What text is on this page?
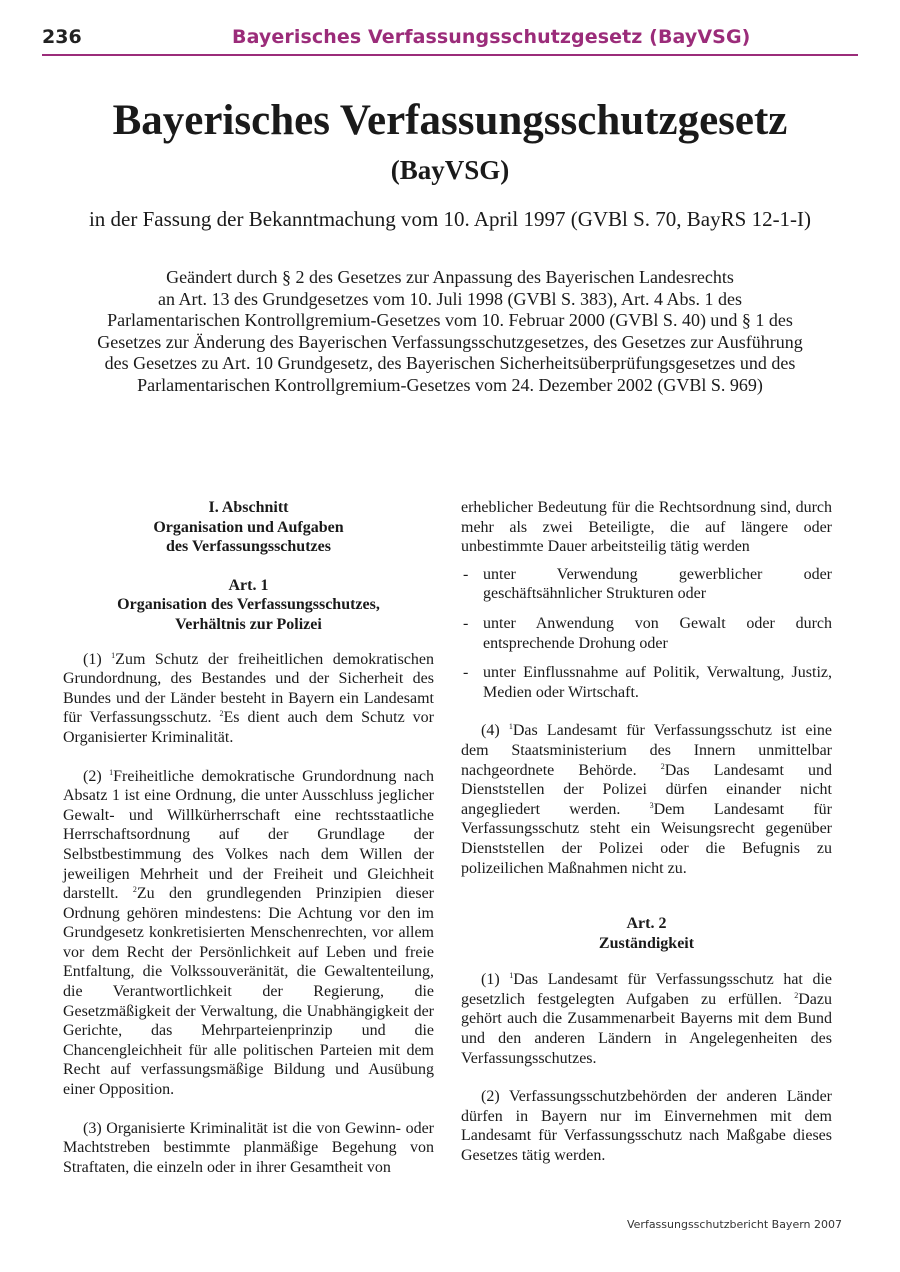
236	Bayerisches Verfassungsschutzgesetz (BayVSG)
Bayerisches Verfassungsschutzgesetz
(BayVSG)
in der Fassung der Bekanntmachung vom 10. April 1997 (GVBl S. 70, BayRS 12-1-I)
Geändert durch § 2 des Gesetzes zur Anpassung des Bayerischen Landesrechts
an Art. 13 des Grundgesetzes vom 10. Juli 1998 (GVBl S. 383), Art. 4 Abs. 1 des
Parlamentarischen Kontrollgremium-Gesetzes vom 10. Februar 2000 (GVBl S. 40) und § 1 des
Gesetzes zur Änderung des Bayerischen Verfassungsschutzgesetzes, des Gesetzes zur Ausführung
des Gesetzes zu Art. 10 Grundgesetz, des Bayerischen Sicherheitsüberprüfungsgesetzes und des
Parlamentarischen Kontrollgremium-Gesetzes vom 24. Dezember 2002 (GVBl S. 969)
I. Abschnitt
Organisation und Aufgaben
des Verfassungsschutzes
Art. 1
Organisation des Verfassungsschutzes,
Verhältnis zur Polizei

(1) $^1$Zum Schutz der freiheitlichen demokratischen Grundordnung, des Bestandes und der Sicherheit des Bundes und der Länder besteht in Bayern ein Landesamt für Verfassungsschutz. $^2$Es dient auch dem Schutz vor Organisierter Kriminalität.

(2) $^1$Freiheitliche demokratische Grundordnung nach Absatz 1 ist eine Ordnung, die unter Ausschluss jeglicher Gewalt- und Willkürherrschaft eine rechtsstaatliche Herrschaftsordnung auf der Grundlage der Selbstbestimmung des Volkes nach dem Willen der jeweiligen Mehrheit und der Freiheit und Gleichheit darstellt. $^2$Zu den grundlegenden Prinzipien dieser Ordnung gehören mindestens: Die Achtung vor den im Grundgesetz konkretisierten Menschenrechten, vor allem vor dem Recht der Persönlichkeit auf Leben und freie Entfaltung, die Volkssouveränität, die Gewaltenteilung, die Verantwortlichkeit der Regierung, die Gesetzmäßigkeit der Verwaltung, die Unabhängigkeit der Gerichte, das Mehrparteienprinzip und die Chancengleichheit für alle politischen Parteien mit dem Recht auf verfassungsmäßige Bildung und Ausübung einer Opposition.

(3) Organisierte Kriminalität ist die von Gewinn- oder Machtstreben bestimmte planmäßige Begehung von Straftaten, die einzeln oder in ihrer Gesamtheit von

erheblicher Bedeutung für die Rechtsordnung sind, durch mehr als zwei Beteiligte, die auf längere oder unbestimmte Dauer arbeitsteilig tätig werden

- unter Verwendung gewerblicher oder geschäftsähnlicher Strukturen oder
- unter Anwendung von Gewalt oder durch entsprechende Drohung oder
- unter Einflussnahme auf Politik, Verwaltung, Justiz, Medien oder Wirtschaft.

(4) $^1$Das Landesamt für Verfassungsschutz ist eine dem Staatsministerium des Innern unmittelbar nachgeordnete Behörde. $^2$Das Landesamt und Dienststellen der Polizei dürfen einander nicht angegliedert werden. $^3$Dem Landesamt für Verfassungsschutz steht ein Weisungsrecht gegenüber Dienststellen der Polizei oder die Befugnis zu polizeilichen Maßnahmen nicht zu.

Art. 2
Zuständigkeit

(1) $^1$Das Landesamt für Verfassungsschutz hat die gesetzlich festgelegten Aufgaben zu erfüllen. $^2$Dazu gehört auch die Zusammenarbeit Bayerns mit dem Bund und den anderen Ländern in Angelegenheiten des Verfassungsschutzes.

(2) Verfassungsschutzbehörden der anderen Länder dürfen in Bayern nur im Einvernehmen mit dem Landesamt für Verfassungsschutz nach Maßgabe dieses Gesetzes tätig werden.

Verfassungsschutzbericht Bayern 2007
